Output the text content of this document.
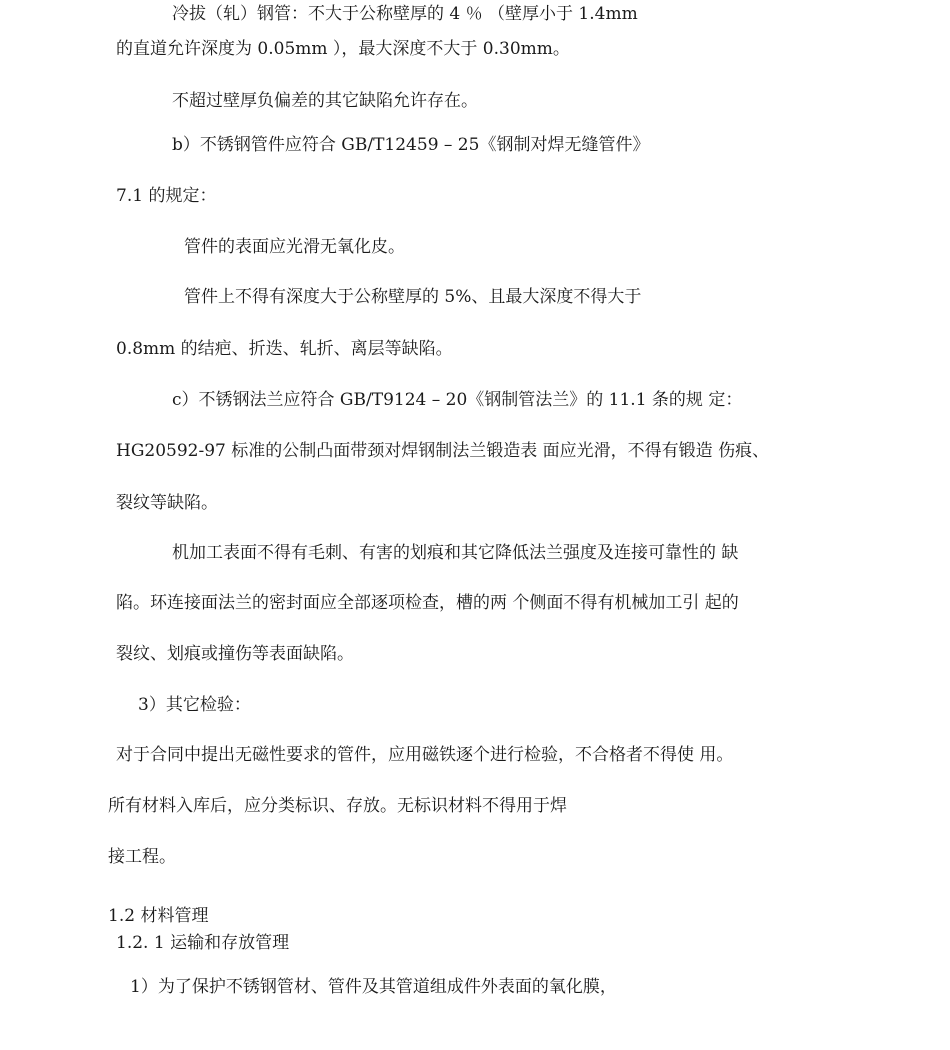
冷拔（轧）钢管：不大于公称壁厚的 4 ％ （壁厚小于 1.4mm
的直道允许深度为 0.05mm ），最大深度不大于 0.30mm。
不超过壁厚负偏差的其它缺陷允许存在。
b）不锈钢管件应符合 GB/T12459 – 25《钢制对焊无缝管件》
7.1 的规定：
管件的表面应光滑无氧化皮。
管件上不得有深度大于公称壁厚的 5%、且最大深度不得大于
0.8mm 的结疤、折迭、轧折、离层等缺陷。
c）不锈钢法兰应符合 GB/T9124 – 20《钢制管法兰》的 11.1 条的规 定：
HG20592-97 标准的公制凸面带颈对焊钢制法兰锻造表 面应光滑，不得有锻造 伤痕、
裂纹等缺陷。
机加工表面不得有毛刺、有害的划痕和其它降低法兰强度及连接可靠性的 缺
陷。环连接面法兰的密封面应全部逐项检查，槽的两 个侧面不得有机械加工引 起的
裂纹、划痕或撞伤等表面缺陷。
3）其它检验：
对于合同中提出无磁性要求的管件，应用磁铁逐个进行检验，不合格者不得使 用。
所有材料入库后，应分类标识、存放。无标识材料不得用于焊
接工程。
1.2 材料管理
1.2. 1 运输和存放管理
1）为了保护不锈钢管材、管件及其管道组成件外表面的氧化膜，
